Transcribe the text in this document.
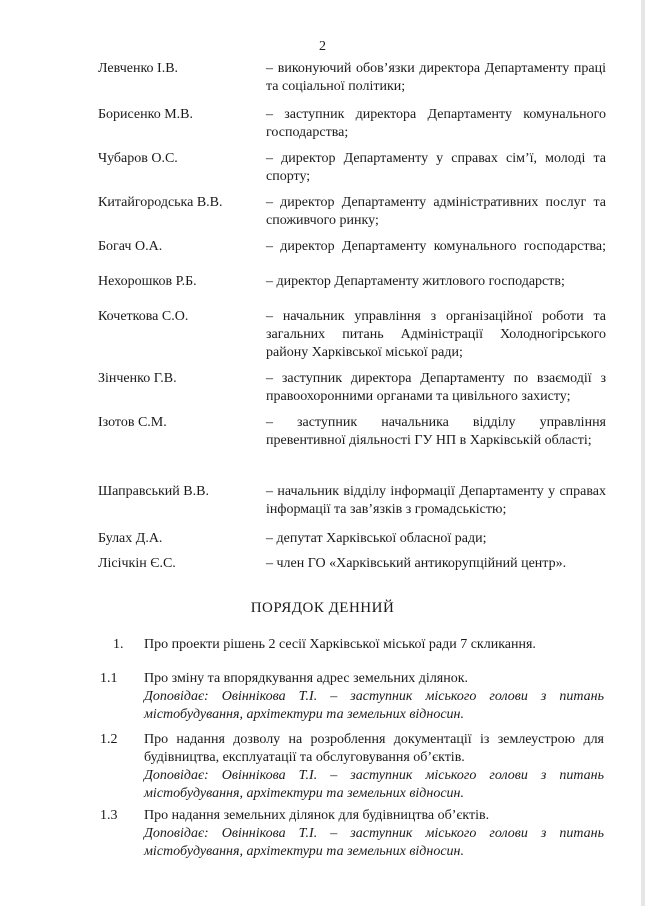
2
Левченко І.В.	– виконуючий обов’язки директора Департаменту праці та соціальної політики;
Борисенко М.В.	– заступник директора Департаменту комунального господарства;
Чубаров О.С.	– директор Департаменту у справах сім’ї, молоді та спорту;
Китайгородська В.В.	– директор Департаменту адміністративних послуг та споживчого ринку;
Богач О.А.	– директор Департаменту комунального господарства;
Нехорошков Р.Б.	– директор Департаменту житлового господарств;
Кочеткова С.О.	– начальник управління з організаційної роботи та загальних питань Адміністрації Холодногірського району Харківської міської ради;
Зінченко Г.В.	– заступник директора Департаменту по взаємодії з правоохоронними органами та цивільного захисту;
Ізотов С.М.	– заступник начальника відділу управління превентивної діяльності ГУ НП в Харківській області;
Шаправський В.В.	– начальник відділу інформації Департаменту у справах інформації та зав’язків з громадськістю;
Булах Д.А.	– депутат Харківської обласної ради;
Лісічкін Є.С.	– член ГО «Харківський антикорупційний центр».
ПОРЯДОК ДЕННИЙ
1. Про проекти рішень 2 сесії Харківської міської ради 7 скликання.
1.1 Про зміну та впорядкування адрес земельних ділянок.
Доповідає: Овіннікова Т.І. – заступник міського голови з питань містобудування, архітектури та земельних відносин.
1.2 Про надання дозволу на розроблення документації із землеустрою для будівництва, експлуатації та обслуговування об’єктів.
Доповідає: Овіннікова Т.І. – заступник міського голови з питань містобудування, архітектури та земельних відносин.
1.3 Про надання земельних ділянок для будівництва об’єктів.
Доповідає: Овіннікова Т.І. – заступник міського голови з питань містобудування, архітектури та земельних відносин.
